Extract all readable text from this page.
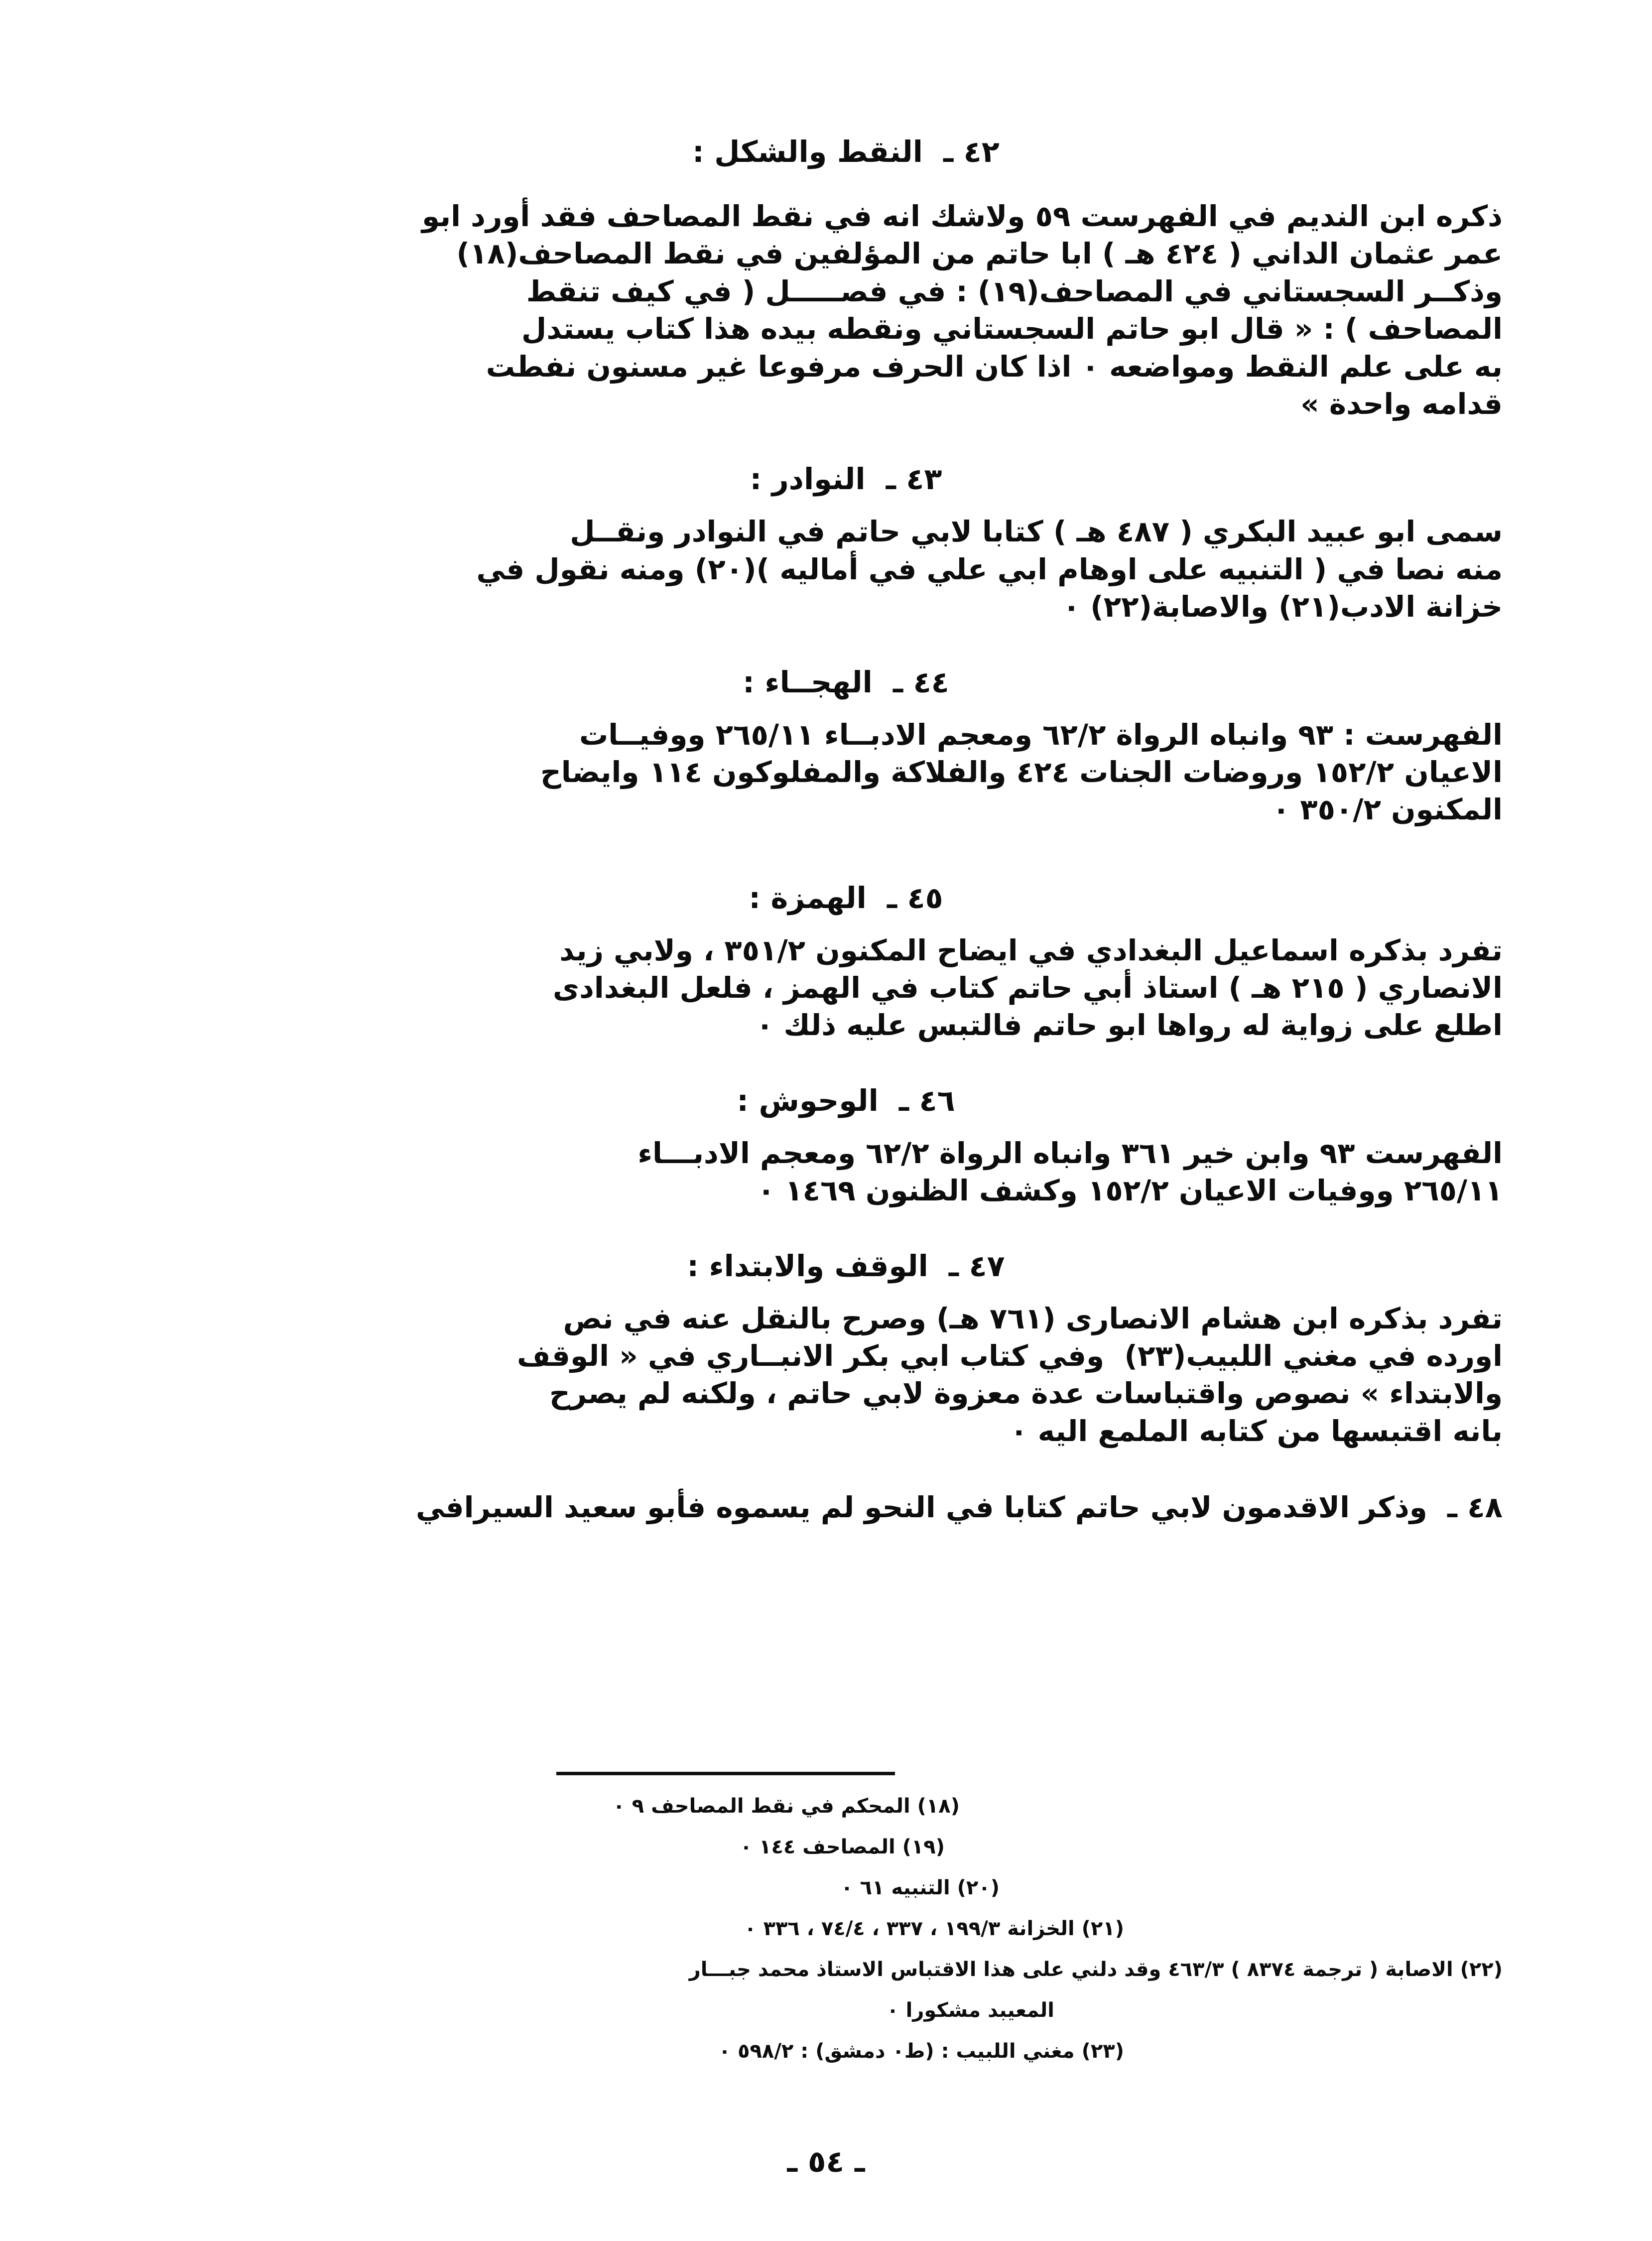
٤٢ ـ  النقط والشكل :
ذكره ابن النديم في الفهرست ٥٩ ولاشك انه في نقط المصاحف فقد أورد ابو
عمر عثمان الداني ( ٤٢٤ هـ ) ابا حاتم من المؤلفين في نقط المصاحف(١٨)
وذكــر السجستاني في المصاحف(١٩) : في فصـــــل ( في كيف تنقط
المصاحف ) : « قال ابو حاتم السجستاني ونقطه بيده هذا كتاب يستدل
به على علم النقط ومواضعه ٠ اذا كان الحرف مرفوعا غير مسنون نفطت
قدامه واحدة »
٤٣ ـ  النوادر :
سمى ابو عبيد البكري ( ٤٨٧ هـ ) كتابا لابي حاتم في النوادر ونقــل
منه نصا في ( التنبيه على اوهام ابي علي في أماليه )(٢٠) ومنه نقول في
خزانة الادب(٢١) والاصابة(٢٢) ٠
٤٤ ـ  الهجــاء :
الفهرست : ٩٣ وانباه الرواة ٦٢/٢ ومعجم الادبــاء ٢٦٥/١١ ووفيــات
الاعيان ١٥٢/٢ وروضات الجنات ٤٢٤ والفلاكة والمفلوكون ١١٤ وايضاح
المكنون ٣٥٠/٢ ٠
٤٥ ـ  الهمزة :
تفرد بذكره اسماعيل البغدادي في ايضاح المكنون ٣٥١/٢ ، ولابي زيد
الانصاري ( ٢١٥ هـ ) استاذ أبي حاتم كتاب في الهمز ، فلعل البغدادى
اطلع على زواية له رواها ابو حاتم فالتبس عليه ذلك ٠
٤٦ ـ  الوحوش :
الفهرست ٩٣ وابن خير ٣٦١ وانباه الرواة ٦٢/٢ ومعجم الادبـــاء
٢٦٥/١١ ووفيات الاعيان ١٥٢/٢ وكشف الظنون ١٤٦٩ ٠
٤٧ ـ  الوقف والابتداء :
تفرد بذكره ابن هشام الانصارى (٧٦١ هـ) وصرح بالنقل عنه في نص
اورده في مغني اللبيب(٢٣)  وفي كتاب ابي بكر الانبــاري في « الوقف
والابتداء » نصوص واقتباسات عدة معزوة لابي حاتم ، ولكنه لم يصرح
بانه اقتبسها من كتابه الملمع اليه ٠
٤٨ ـ  وذكر الاقدمون لابي حاتم كتابا في النحو لم يسموه فأبو سعيد السيرافي
(١٨) المحكم في نقط المصاحف ٩ ٠
(١٩) المصاحف ١٤٤ ٠
(٢٠) التنبيه ٦١ ٠
(٢١) الخزانة ١٩٩/٣ ، ٣٣٧ ، ٧٤/٤ ، ٣٣٦ ٠
(٢٢) الاصابة ( ترجمة ٨٣٧٤ ) ٤٦٣/٣ وقد دلني على هذا الاقتباس الاستاذ محمد جبـــار
المعيبد مشكورا ٠
(٢٣) مغني اللبيب : (ط٠ دمشق) : ٥٩٨/٢ ٠
ـ ٥٤ ـ
